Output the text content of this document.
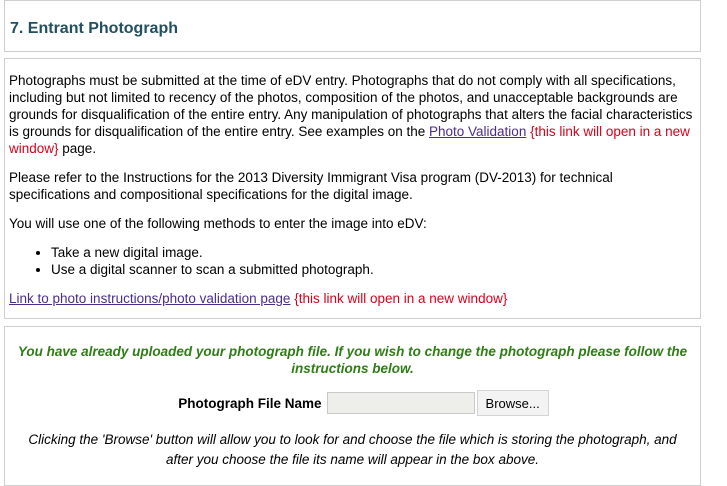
7. Entrant Photograph

Photographs must be submitted at the time of eDV entry. Photographs that do not comply with all specifications, including but not limited to recency of the photos, composition of the photos, and unacceptable backgrounds are grounds for disqualification of the entire entry. Any manipulation of photographs that alters the facial characteristics is grounds for disqualification of the entire entry. See examples on the Photo Validation {this link will open in a new window} page.

Please refer to the Instructions for the 2013 Diversity Immigrant Visa program (DV-2013) for technical specifications and compositional specifications for the digital image.

You will use one of the following methods to enter the image into eDV:

• Take a new digital image.
• Use a digital scanner to scan a submitted photograph.

Link to photo instructions/photo validation page {this link will open in a new window}

You have already uploaded your photograph file. If you wish to change the photograph please follow the instructions below.
Photograph File Name	Browse...
Clicking the 'Browse' button will allow you to look for and choose the file which is storing the photograph, and after you choose the file its name will appear in the box above.
